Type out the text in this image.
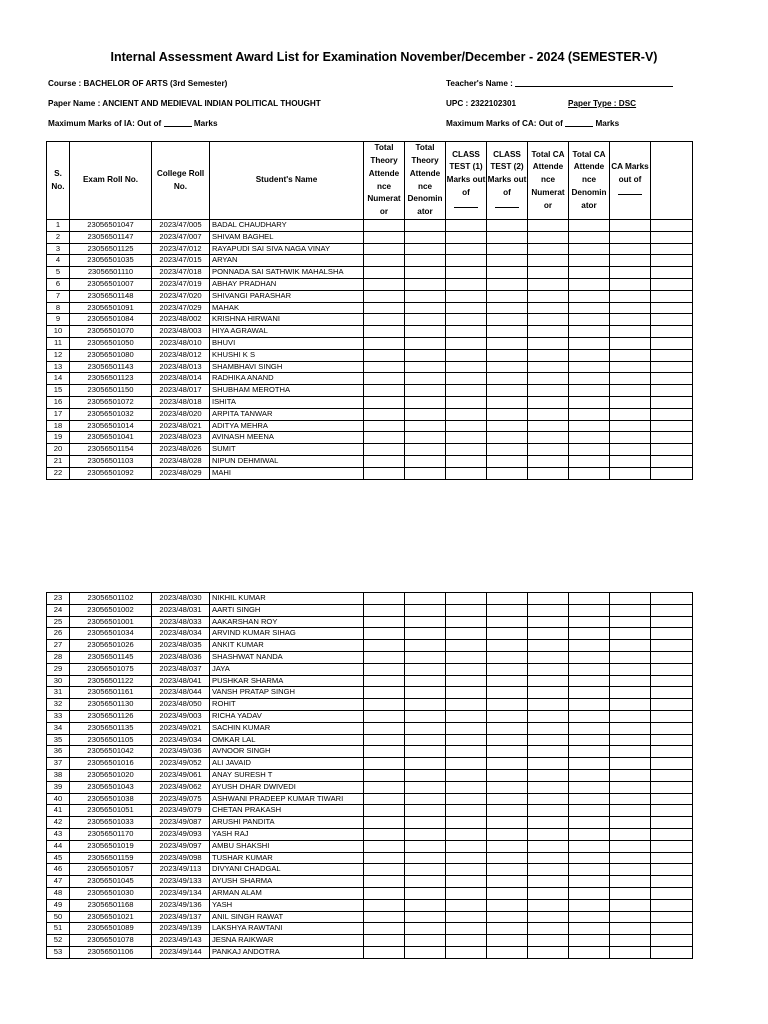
Internal Assessment Award List for Examination November/December - 2024 (SEMESTER-V)
Course : BACHELOR OF ARTS (3rd Semester)	Teacher's Name :
Paper Name : ANCIENT AND MEDIEVAL INDIAN POLITICAL THOUGHT	UPC : 2322102301	Paper Type : DSC
Maximum Marks of IA: Out of	Marks	Maximum Marks of CA: Out of	Marks
S. No.	Exam Roll No.	College Roll No.	Student's Name	Total Theory Attende nce Numerat or	Total Theory Attende nce Denomin ator	CLASS TEST (1) Marks out of	CLASS TEST (2) Marks out of	Total CA Attende nce Numerat or	Total CA Attende nce Denomin ator	CA Marks out of

1	23056501047	2023/47/005	BADAL CHAUDHARY								
2	23056501147	2023/47/007	SHIVAM BAGHEL								
3	23056501125	2023/47/012	RAYAPUDI SAI SIVA NAGA VINAY								
4	23056501035	2023/47/015	ARYAN								
5	23056501110	2023/47/018	PONNADA SAI SATHWIK MAHALSHA								
6	23056501007	2023/47/019	ABHAY PRADHAN								
7	23056501148	2023/47/020	SHIVANGI PARASHAR								
8	23056501091	2023/47/029	MAHAK								
9	23056501084	2023/48/002	KRISHNA HIRWANI								
10	23056501070	2023/48/003	HIYA AGRAWAL								
11	23056501050	2023/48/010	BHUVI								
12	23056501080	2023/48/012	KHUSHI K S								
13	23056501143	2023/48/013	SHAMBHAVI SINGH								
14	23056501123	2023/48/014	RADHIKA ANAND								
15	23056501150	2023/48/017	SHUBHAM MEROTHA								
16	23056501072	2023/48/018	ISHITA								
17	23056501032	2023/48/020	ARPITA TANWAR								
18	23056501014	2023/48/021	ADITYA MEHRA								
19	23056501041	2023/48/023	AVINASH MEENA								
20	23056501154	2023/48/026	SUMIT								
21	23056501103	2023/48/028	NIPUN DEHMIWAL								
22	23056501092	2023/48/029	MAHI								
23	23056501102	2023/48/030	NIKHIL KUMAR								
24	23056501002	2023/48/031	AARTI SINGH								
25	23056501001	2023/48/033	AAKARSHAN ROY								
26	23056501034	2023/48/034	ARVIND KUMAR SIHAG								
27	23056501026	2023/48/035	ANKIT KUMAR								
28	23056501145	2023/48/036	SHASHWAT NANDA								
29	23056501075	2023/48/037	JAYA								
30	23056501122	2023/48/041	PUSHKAR SHARMA								
31	23056501161	2023/48/044	VANSH PRATAP SINGH								
32	23056501130	2023/48/050	ROHIT								
33	23056501126	2023/49/003	RICHA YADAV								
34	23056501135	2023/49/021	SACHIN KUMAR								
35	23056501105	2023/49/034	OMKAR LAL								
36	23056501042	2023/49/036	AVNOOR SINGH								
37	23056501016	2023/49/052	ALI JAVAID								
38	23056501020	2023/49/061	ANAY SURESH T								
39	23056501043	2023/49/062	AYUSH DHAR DWIVEDI								
40	23056501038	2023/49/075	ASHWANI PRADEEP KUMAR TIWARI								
41	23056501051	2023/49/079	CHETAN PRAKASH								
42	23056501033	2023/49/087	ARUSHI PANDITA								
43	23056501170	2023/49/093	YASH RAJ								
44	23056501019	2023/49/097	AMBU SHAKSHI								
45	23056501159	2023/49/098	TUSHAR KUMAR								
46	23056501057	2023/49/113	DIVYANI CHADGAL								
47	23056501045	2023/49/133	AYUSH SHARMA								
48	23056501030	2023/49/134	ARMAN ALAM								
49	23056501168	2023/49/136	YASH								
50	23056501021	2023/49/137	ANIL SINGH RAWAT								
51	23056501089	2023/49/139	LAKSHYA RAWTANI								
52	23056501078	2023/49/143	JESNA RAIKWAR								
53	23056501106	2023/49/144	PANKAJ ANDOTRA								
